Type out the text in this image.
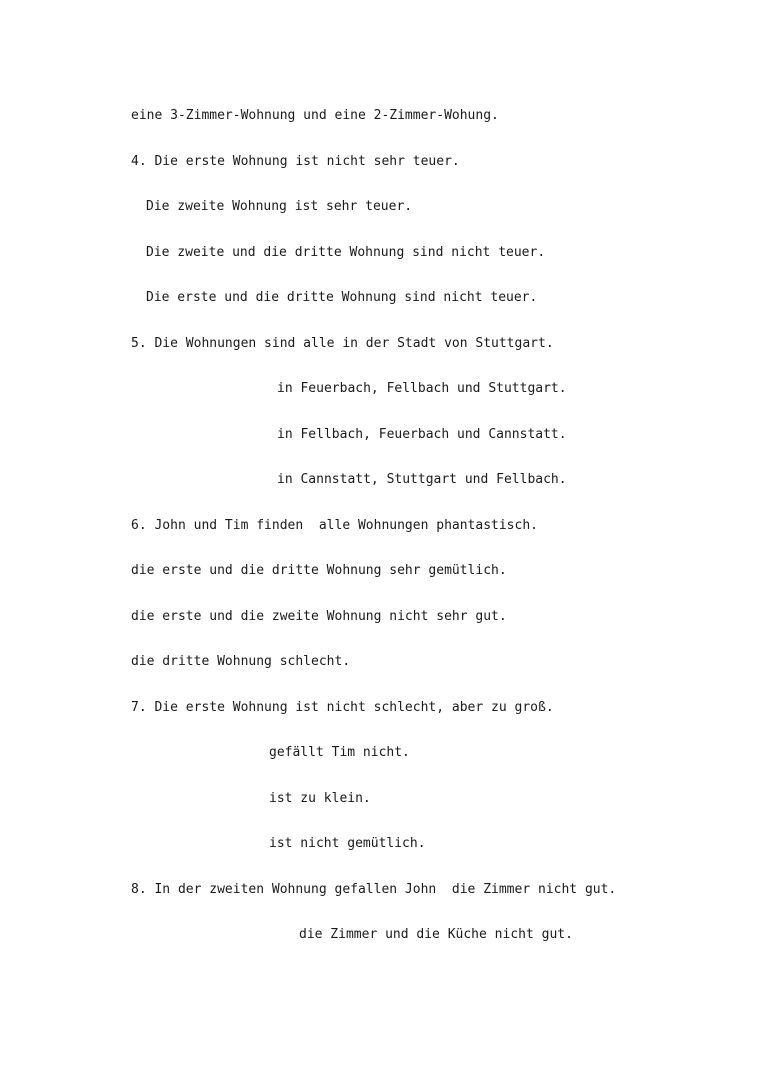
eine 3-Zimmer-Wohnung und eine 2-Zimmer-Wohung.
4. Die erste Wohnung ist nicht sehr teuer.
Die zweite Wohnung ist sehr teuer.
Die zweite und die dritte Wohnung sind nicht teuer.
Die erste und die dritte Wohnung sind nicht teuer.
5. Die Wohnungen sind alle in der Stadt von Stuttgart.
in Feuerbach, Fellbach und Stuttgart.
in Fellbach, Feuerbach und Cannstatt.
in Cannstatt, Stuttgart und Fellbach.
6. John und Tim finden  alle Wohnungen phantastisch.
die erste und die dritte Wohnung sehr gemütlich.
die erste und die zweite Wohnung nicht sehr gut.
die dritte Wohnung schlecht.
7. Die erste Wohnung ist nicht schlecht, aber zu groß.
gefällt Tim nicht.
ist zu klein.
ist nicht gemütlich.
8. In der zweiten Wohnung gefallen John  die Zimmer nicht gut.
die Zimmer und die Küche nicht gut.
